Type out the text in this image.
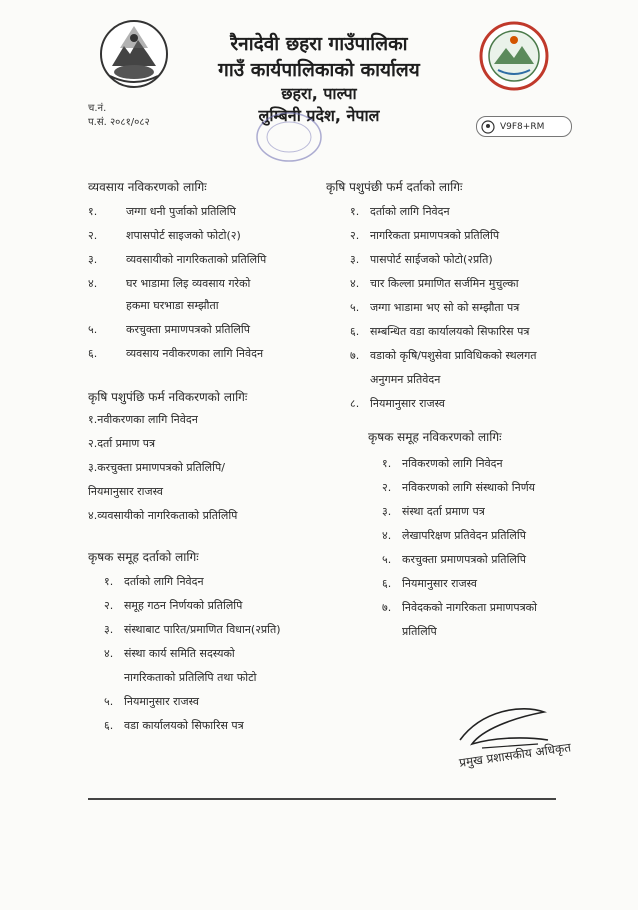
रैनादेवी छहरा गाउँपालिका
गाउँ कार्यपालिकाको कार्यालय
छहरा, पाल्पा
लुम्बिनी प्रदेश, नेपाल
च.नं.
प.सं. २०८१/०८२	V9F8+RM
व्यवसाय नविकरणको लागिः
१.	जग्गा धनी पुर्जाको प्रतिलिपि
२.	शपासपोर्ट साइजको फोटो(२)
३.	व्यवसायीको नागरिकताको प्रतिलिपि
४.	घर भाडामा लिइ व्यवसाय गरेको
हकमा घरभाडा सम्झौता
५.	करचुक्ता प्रमाणपत्रको प्रतिलिपि
६.	व्यवसाय नवीकरणका लागि निवेदन
कृषि पशुपंछि फर्म नविकरणको लागिः
१.नवीकरणका लागि निवेदन
२.दर्ता प्रमाण पत्र
३.करचुक्ता प्रमाणपत्रको प्रतिलिपि/
नियमानुसार राजस्व
४.व्यवसायीको नागरिकताको प्रतिलिपि
कृषक समूह दर्ताको लागिः
१. दर्ताको लागि निवेदन
२. समूह गठन निर्णयको प्रतिलिपि
३. संस्थाबाट पारित/प्रमाणित विधान(२प्रति)
४. संस्था कार्य समिति सदस्यको
नागरिकताको प्रतिलिपि तथा फोटो
५. नियमानुसार राजस्व
६. वडा कार्यालयको सिफारिस पत्र
कृषि पशुपंछी फर्म दर्ताको लागिः
१. दर्ताको लागि निवेदन
२. नागरिकता प्रमाणपत्रको प्रतिलिपि
३. पासपोर्ट साईजको फोटो(२प्रति)
४. चार किल्ला प्रमाणित सर्जमिन मुचुल्का
५. जग्गा भाडामा भए सो को सम्झौता पत्र
६. सम्बन्धित वडा कार्यालयको सिफारिस पत्र
७. वडाको कृषि/पशुसेवा प्राविधिकको स्थलगत
अनुगमन प्रतिवेदन
८. नियमानुसार राजस्व
कृषक समूह नविकरणको लागिः
१. नविकरणको लागि निवेदन
२. नविकरणको लागि संस्थाको निर्णय
३. संस्था दर्ता प्रमाण पत्र
४. लेखापरिक्षण प्रतिवेदन प्रतिलिपि
५. करचुक्ता प्रमाणपत्रको प्रतिलिपि
६. नियमानुसार राजस्व
७. निवेदकको नागरिकता प्रमाणपत्रको
प्रतिलिपि
प्रमुख प्रशासकीय अधिकृत
